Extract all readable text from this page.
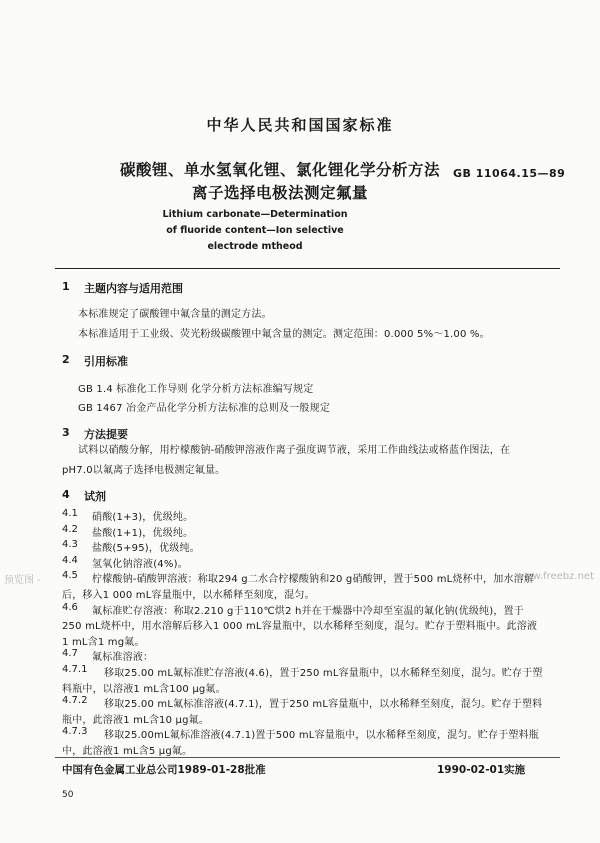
中华人民共和国国家标准
碳酸锂、单水氢氧化锂、氯化锂化学分析方法
离子选择电极法测定氟量
GB 11064.15—89
Lithium carbonate—Determination
of fluoride content—Ion selective
electrode mtheod
1 主题内容与适用范围
本标准规定了碳酸锂中氟含量的测定方法。
本标准适用于工业级、荧光粉级碳酸锂中氟含量的测定。测定范围：0.000 5%～1.00 %。
2 引用标准
GB 1.4 标准化工作导则 化学分析方法标准编写规定
GB 1467 冶金产品化学分析方法标准的总则及一般规定
3 方法提要
试料以硝酸分解，用柠檬酸钠-硝酸钾溶液作离子强度调节液，采用工作曲线法或格蓝作图法，在
pH7.0以氟离子选择电极测定氟量。
4 试剂
4.1 硝酸(1+3)，优级纯。
4.2 盐酸(1+1)，优级纯。
4.3 盐酸(5+95)，优级纯。
4.4 氢氧化钠溶液(4%)。
4.5 柠檬酸钠-硝酸钾溶液：称取294 g二水合柠檬酸钠和20 g硝酸钾，置于500 mL烧杯中，加水溶解
后，移入1 000 mL容量瓶中，以水稀释至刻度，混匀。
4.6 氟标准贮存溶液：称取2.210 g于110℃烘2 h并在干燥器中冷却至室温的氟化钠(优级纯)，置于
250 mL烧杯中，用水溶解后移入1 000 mL容量瓶中，以水稀释至刻度，混匀。贮存于塑料瓶中。此溶液
1 mL含1 mg氟。
4.7 氟标准溶液：
4.7.1 移取25.00 mL氟标准贮存溶液(4.6)，置于250 mL容量瓶中，以水稀释至刻度，混匀。贮存于塑
料瓶中，以溶液1 mL含100 μg氟。
4.7.2 移取25.00 mL氟标准溶液(4.7.1)，置于250 mL容量瓶中，以水稀释至刻度，混匀。贮存于塑料
瓶中，此溶液1 mL含10 μg氟。
4.7.3 移取25.00mL氟标准溶液(4.7.1)置于500 mL容量瓶中，以水稀释至刻度，混匀。贮存于塑料瓶
中，此溶液1 mL含5 μg氟。
预览图 -	www.freebz.net
中国有色金属工业总公司1989-01-28批准	1990-02-01实施
50
